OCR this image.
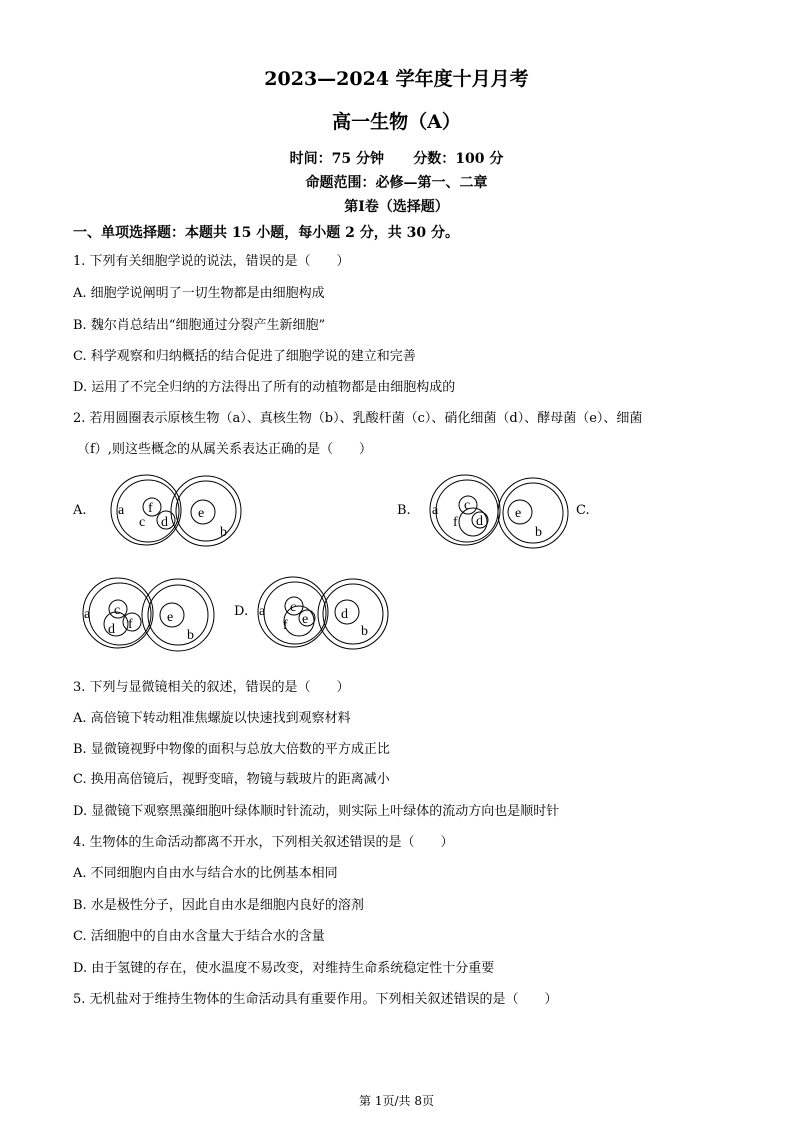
2023—2024 学年度十月月考
高一生物（A）
时间：75 分钟      分数：100 分
命题范围：必修—第一、二章
第Ⅰ卷（选择题）
一、单项选择题：本题共 15 小题，每小题 2 分，共 30 分。
1. 下列有关细胞学说的说法，错误的是（　　）
A. 细胞学说阐明了一切生物都是由细胞构成
B. 魏尔肖总结出“细胞通过分裂产生新细胞”
C. 科学观察和归纳概括的结合促进了细胞学说的建立和完善
D. 运用了不完全归纳的方法得出了所有的动植物都是由细胞构成的
2. 若用圆圈表示原核生物（a）、真核生物（b）、乳酸杆菌（c）、硝化细菌（d）、酵母菌（e）、细菌
（f）,则这些概念的从属关系表达正确的是（　　）
A.	B.	C.
D.
a f
c d
e
b
a c
f d
e
b
a c
d f e
b
a c
f e d
b
3. 下列与显微镜相关的叙述，错误的是（　　）
A. 高倍镜下转动粗准焦螺旋以快速找到观察材料
B. 显微镜视野中物像的面积与总放大倍数的平方成正比
C. 换用高倍镜后，视野变暗，物镜与载玻片的距离减小
D. 显微镜下观察黑藻细胞叶绿体顺时针流动，则实际上叶绿体的流动方向也是顺时针
4. 生物体的生命活动都离不开水，下列相关叙述错误的是（　　）
A. 不同细胞内自由水与结合水的比例基本相同
B. 水是极性分子，因此自由水是细胞内良好的溶剂
C. 活细胞中的自由水含量大于结合水的含量
D. 由于氢键的存在，使水温度不易改变，对维持生命系统稳定性十分重要
5. 无机盐对于维持生物体的生命活动具有重要作用。下列相关叙述错误的是（　　）
第 1页/共 8页
